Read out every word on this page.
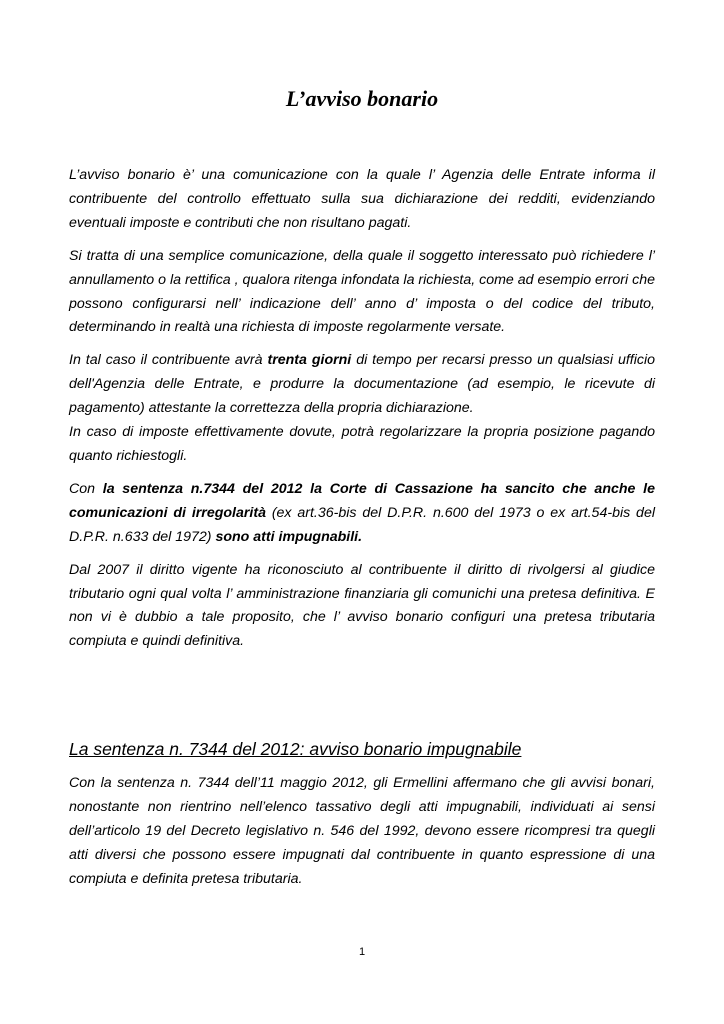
L’avviso bonario

L’avviso bonario è’ una comunicazione con la quale l’ Agenzia delle Entrate informa il contribuente del controllo effettuato sulla sua dichiarazione dei redditi, evidenziando eventuali imposte e contributi che non risultano pagati.

Si tratta di una semplice comunicazione, della quale il soggetto interessato può richiedere l’ annullamento o la rettifica , qualora ritenga infondata la richiesta, come ad esempio errori che possono configurarsi nell’ indicazione dell’ anno d’ imposta o del codice del tributo, determinando in realtà una richiesta di imposte regolarmente versate.

In tal caso il contribuente avrà trenta giorni di tempo per recarsi presso un qualsiasi ufficio dell'Agenzia delle Entrate, e produrre la documentazione (ad esempio, le ricevute di pagamento) attestante la correttezza della propria dichiarazione.
In caso di imposte effettivamente dovute, potrà regolarizzare la propria posizione pagando quanto richiestogli.

Con la sentenza n.7344 del 2012 la Corte di Cassazione ha sancito che anche le comunicazioni di irregolarità (ex art.36-bis del D.P.R. n.600 del 1973 o ex art.54-bis del D.P.R. n.633 del 1972) sono atti impugnabili.

Dal 2007 il diritto vigente ha riconosciuto al contribuente il diritto di rivolgersi al giudice tributario ogni qual volta l’ amministrazione finanziaria gli comunichi una pretesa definitiva. E non vi è dubbio a tale proposito, che l’ avviso bonario configuri una pretesa tributaria compiuta e quindi definitiva.

La sentenza n. 7344 del 2012: avviso bonario impugnabile

Con la sentenza n. 7344 dell’11 maggio 2012, gli Ermellini affermano che gli avvisi bonari, nonostante non rientrino nell’elenco tassativo degli atti impugnabili, individuati ai sensi dell’articolo 19 del Decreto legislativo n. 546 del 1992, devono essere ricompresi tra quegli atti diversi che possono essere impugnati dal contribuente in quanto espressione di una compiuta e definita pretesa tributaria.

1
